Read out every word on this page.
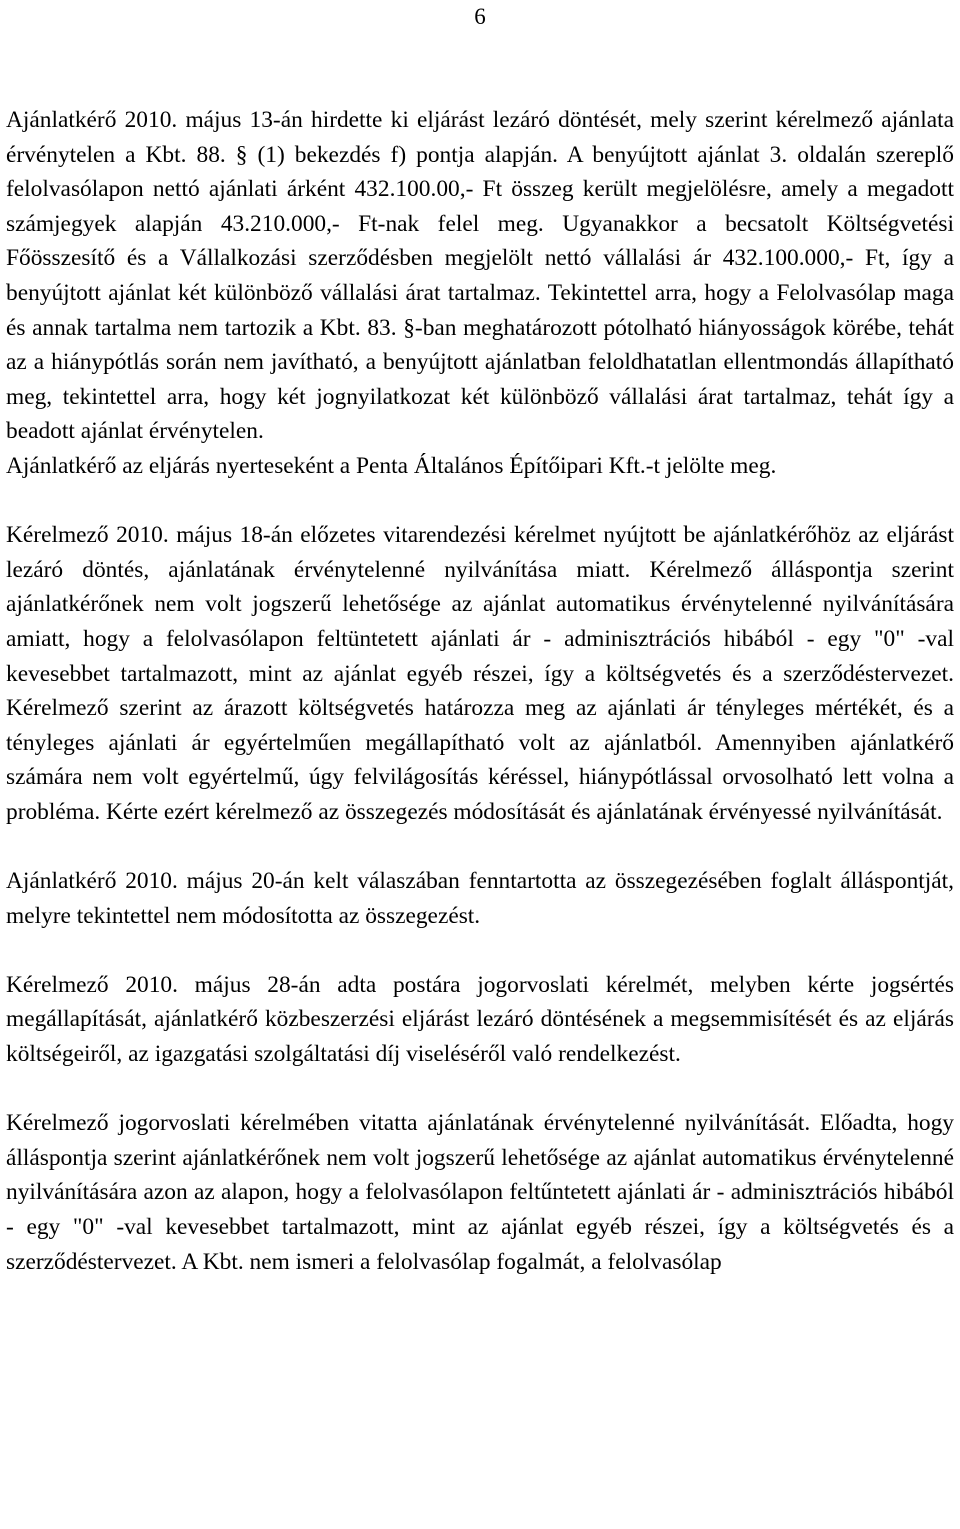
6

Ajánlatkérő 2010. május 13-án hirdette ki eljárást lezáró döntését, mely szerint kérelmező ajánlata érvénytelen a Kbt. 88. § (1) bekezdés f) pontja alapján. A benyújtott ajánlat 3. oldalán szereplő felolvasólapon nettó ajánlati árként 432.100.00,- Ft összeg került megjelölésre, amely a megadott számjegyek alapján 43.210.000,- Ft-nak felel meg. Ugyanakkor a becsatolt Költségvetési Főösszesítő és a Vállalkozási szerződésben megjelölt nettó vállalási ár 432.100.000,- Ft, így a benyújtott ajánlat két különböző vállalási árat tartalmaz. Tekintettel arra, hogy a Felolvasólap maga és annak tartalma nem tartozik a Kbt. 83. §-ban meghatározott pótolható hiányosságok körébe, tehát az a hiánypótlás során nem javítható, a benyújtott ajánlatban feloldhatatlan ellentmondás állapítható meg, tekintettel arra, hogy két jognyilatkozat két különböző vállalási árat tartalmaz, tehát így a beadott ajánlat érvénytelen.

Ajánlatkérő az eljárás nyerteseként a Penta Általános Építőipari Kft.-t jelölte meg.

Kérelmező 2010. május 18-án előzetes vitarendezési kérelmet nyújtott be ajánlatkérőhöz az eljárást lezáró döntés, ajánlatának érvénytelenné nyilvánítása miatt. Kérelmező álláspontja szerint ajánlatkérőnek nem volt jogszerű lehetősége az ajánlat automatikus érvénytelenné nyilvánítására amiatt, hogy a felolvasólapon feltüntetett ajánlati ár - adminisztrációs hibából - egy "0" -val kevesebbet tartalmazott, mint az ajánlat egyéb részei, így a költségvetés és a szerződéstervezet. Kérelmező szerint az árazott költségvetés határozza meg az ajánlati ár tényleges mértékét, és a tényleges ajánlati ár egyértelműen megállapítható volt az ajánlatból. Amennyiben ajánlatkérő számára nem volt egyértelmű, úgy felvilágosítás kéréssel, hiánypótlással orvosolható lett volna a probléma. Kérte ezért kérelmező az összegezés módosítását és ajánlatának érvényessé nyilvánítását.

Ajánlatkérő 2010. május 20-án kelt válaszában fenntartotta az összegezésében foglalt álláspontját, melyre tekintettel nem módosította az összegezést.

Kérelmező 2010. május 28-án adta postára jogorvoslati kérelmét, melyben kérte jogsértés megállapítását, ajánlatkérő közbeszerzési eljárást lezáró döntésének a megsemmisítését és az eljárás költségeiről, az igazgatási szolgáltatási díj viseléséről való rendelkezést.

Kérelmező jogorvoslati kérelmében vitatta ajánlatának érvénytelenné nyilvánítását. Előadta, hogy álláspontja szerint ajánlatkérőnek nem volt jogszerű lehetősége az ajánlat automatikus érvénytelenné nyilvánítására azon az alapon, hogy a felolvasólapon feltűntetett ajánlati ár - adminisztrációs hibából - egy "0" -val kevesebbet tartalmazott, mint az ajánlat egyéb részei, így a költségvetés és a szerződéstervezet. A Kbt. nem ismeri a felolvasólap fogalmát, a felolvasólap
